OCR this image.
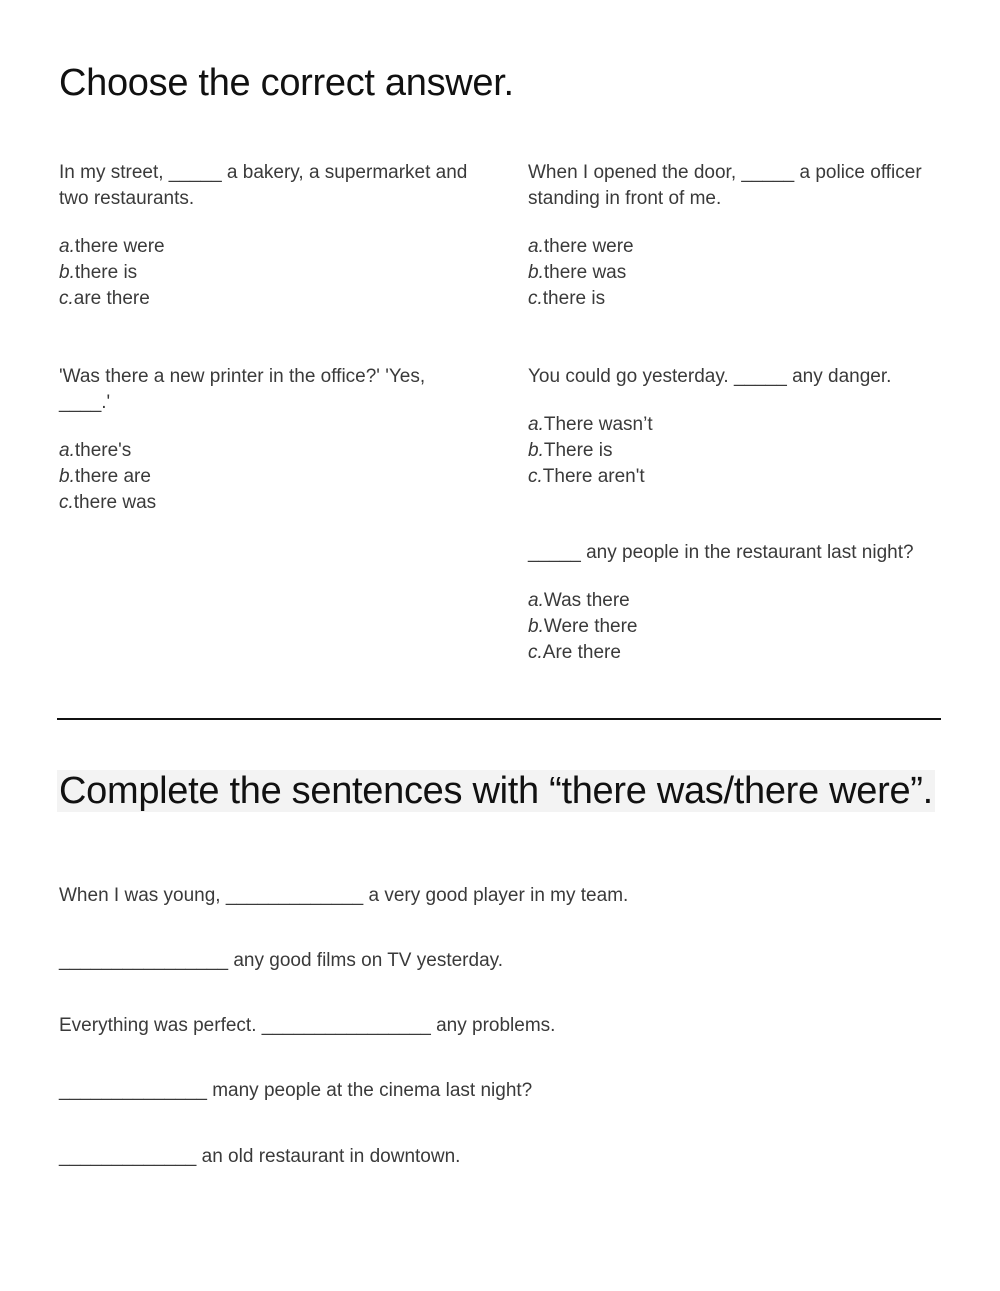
Choose the correct answer.
In my street, _____ a bakery, a supermarket and two restaurants.
a.there were
b.there is
c.are there
When I opened the door, _____ a police officer standing in front of me.
a.there were
b.there was
c.there is
'Was there a new printer in the office?' 'Yes, ____.'
a.there's
b.there are
c.there was
You could go yesterday. _____ any danger.
a.There wasn’t
b.There is
c.There aren't
_____ any people in the restaurant last night?
a.Was there
b.Were there
c.Are there
Complete the sentences with “there was/there were”.
When I was young, _____________ a very good player in my team.
________________ any good films on TV yesterday.
Everything was perfect. ________________ any problems.
______________ many people at the cinema last night?
_____________ an old restaurant in downtown.
